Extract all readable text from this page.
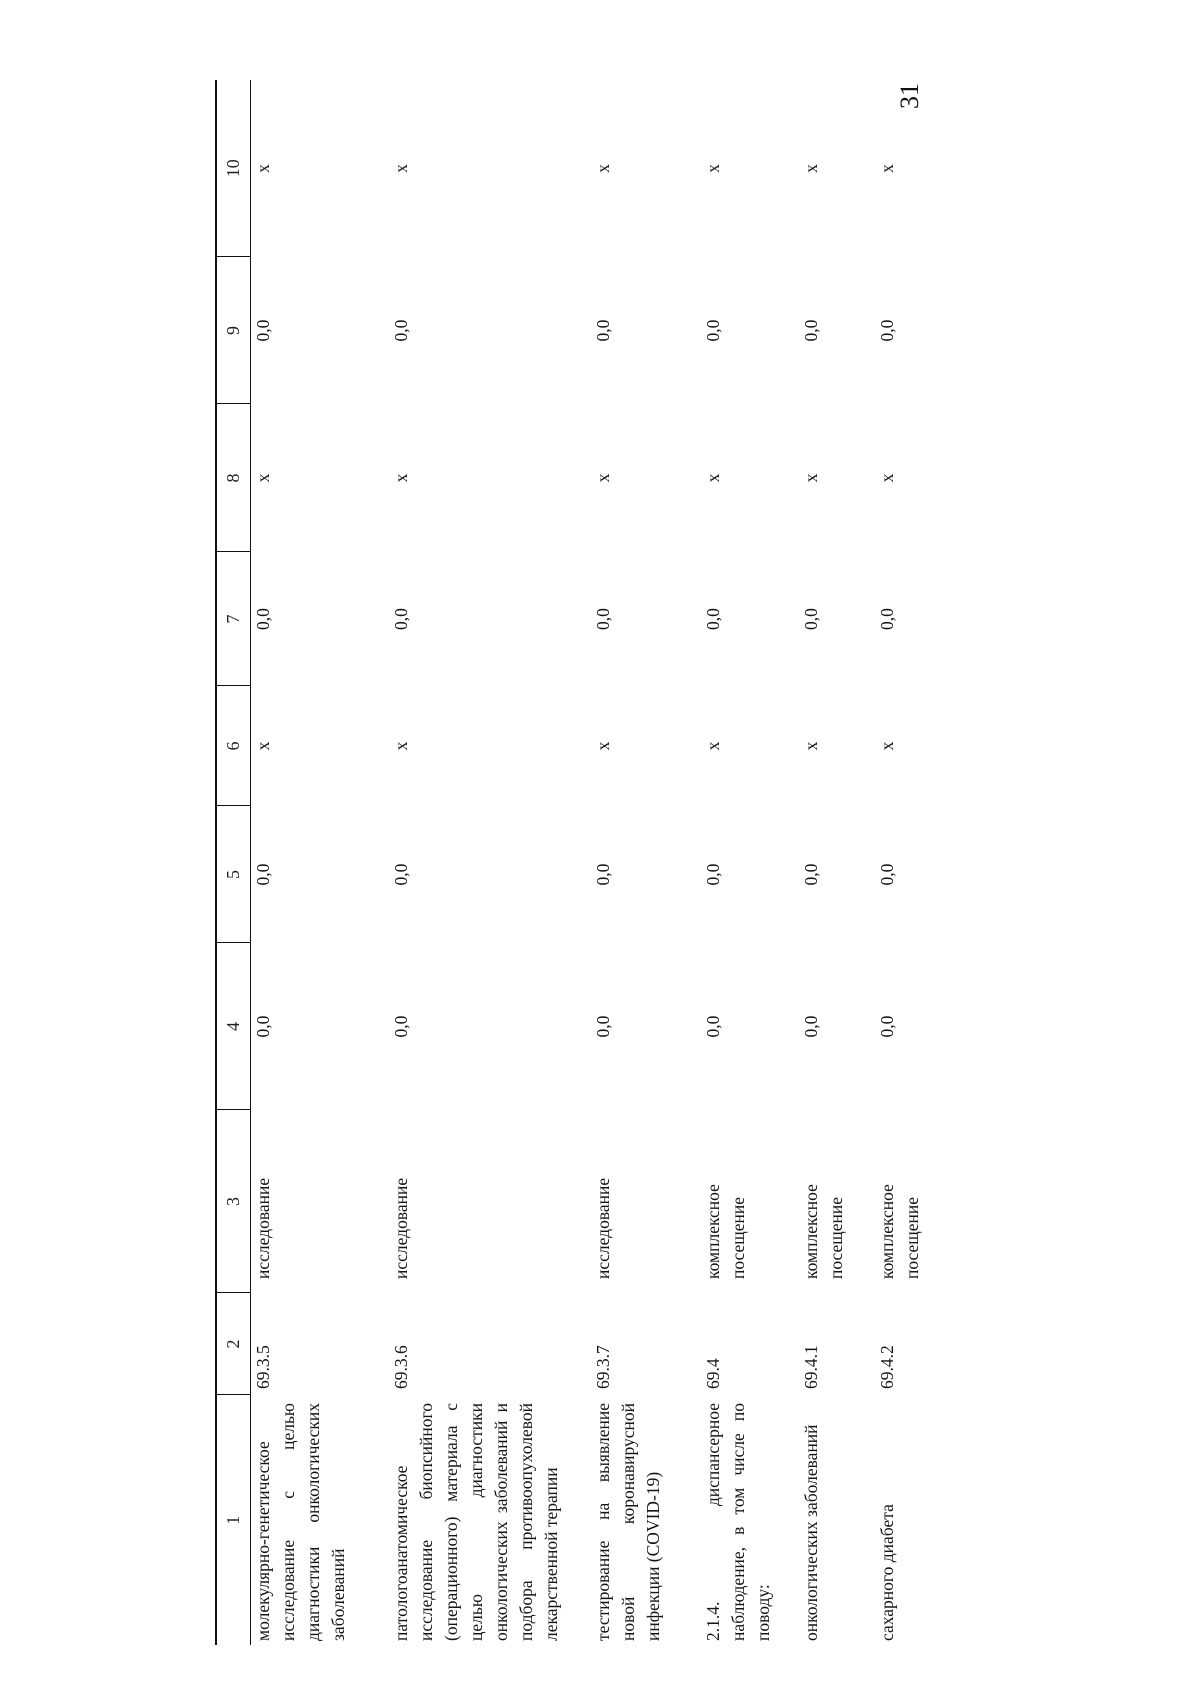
31
1	2	3	4	5	6	7	8	9	10
молекулярно-генетическое исследование с целью диагностики онкологических заболеваний	69.3.5	исследование	0,0	0,0	x	0,0	x	0,0	x
патологоанатомическое исследование биопсийного (операционного) материала с целью диагностики онкологических заболеваний и подбора противоопухолевой лекарственной терапии	69.3.6	исследование	0,0	0,0	x	0,0	x	0,0	x
тестирование на выявление новой коронавирусной инфекции (COVID-19)	69.3.7	исследование	0,0	0,0	x	0,0	x	0,0	x
2.1.4. диспансерное наблюдение, в том числе по поводу:	69.4	комплексное посещение	0,0	0,0	x	0,0	x	0,0	x
онкологических заболеваний	69.4.1	комплексное посещение	0,0	0,0	x	0,0	x	0,0	x
сахарного диабета	69.4.2	комплексное посещение	0,0	0,0	x	0,0	x	0,0	x
